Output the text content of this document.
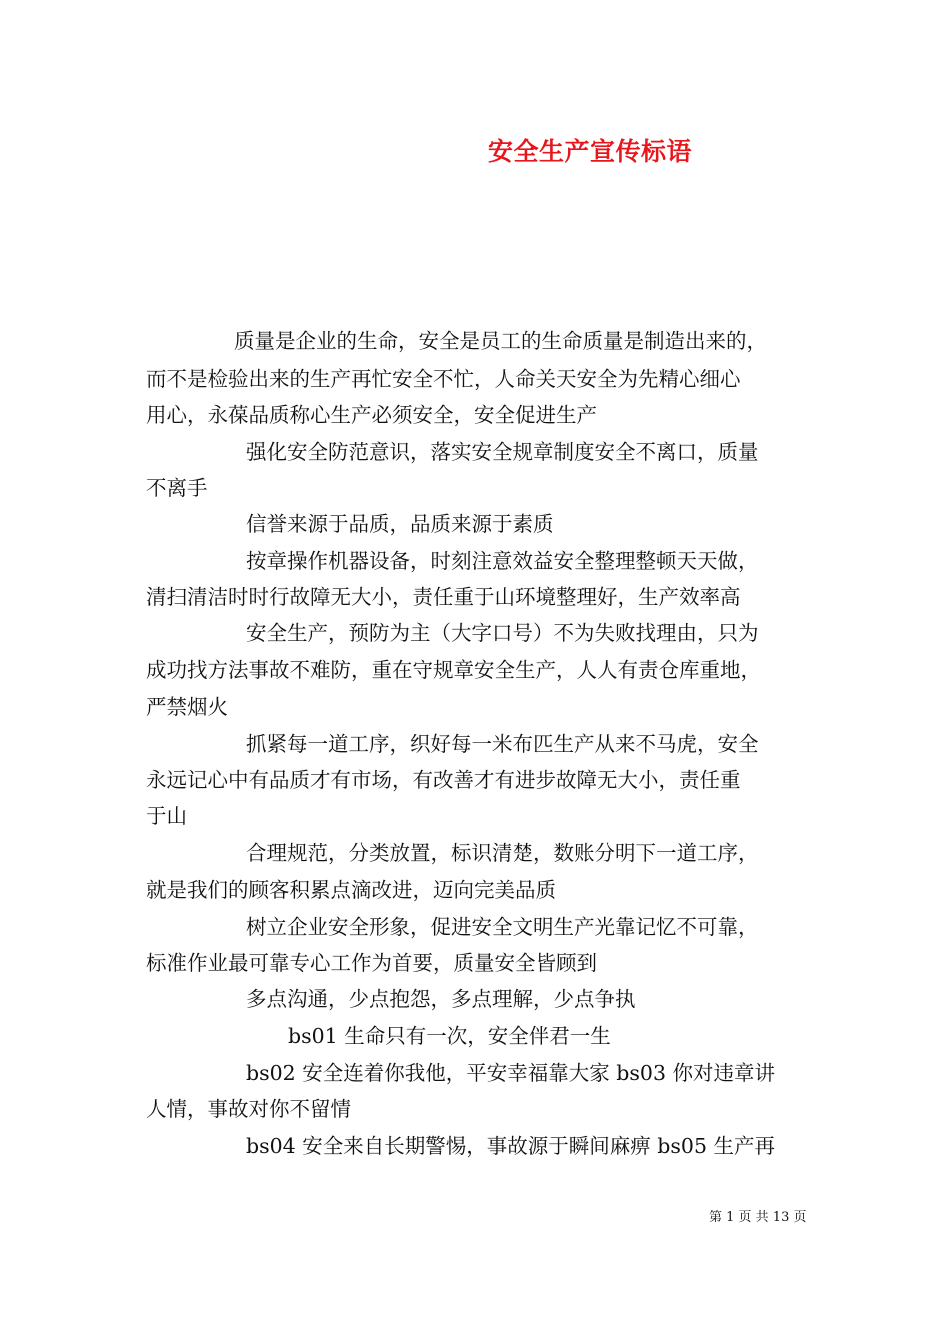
安全生产宣传标语

质量是企业的生命，安全是员工的生命质量是制造出来的，

而不是检验出来的生产再忙安全不忙，人命关天安全为先精心细心

用心，永葆品质称心生产必须安全，安全促进生产

强化安全防范意识，落实安全规章制度安全不离口，质量

不离手

信誉来源于品质，品质来源于素质

按章操作机器设备，时刻注意效益安全整理整顿天天做，

清扫清洁时时行故障无大小，责任重于山环境整理好，生产效率高

安全生产，预防为主（大字口号）不为失败找理由，只为

成功找方法事故不难防，重在守规章安全生产，人人有责仓库重地，

严禁烟火

抓紧每一道工序，织好每一米布匹生产从来不马虎，安全

永远记心中有品质才有市场，有改善才有进步故障无大小，责任重

于山

合理规范，分类放置，标识清楚，数账分明下一道工序，

就是我们的顾客积累点滴改进，迈向完美品质

树立企业安全形象，促进安全文明生产光靠记忆不可靠，

标准作业最可靠专心工作为首要，质量安全皆顾到

多点沟通，少点抱怨，多点理解，少点争执

bs01 生命只有一次，安全伴君一生

bs02 安全连着你我他，平安幸福靠大家 bs03 你对违章讲

人情，事故对你不留情

bs04 安全来自长期警惕，事故源于瞬间麻痹 bs05 生产再

第 1 页 共 13 页
